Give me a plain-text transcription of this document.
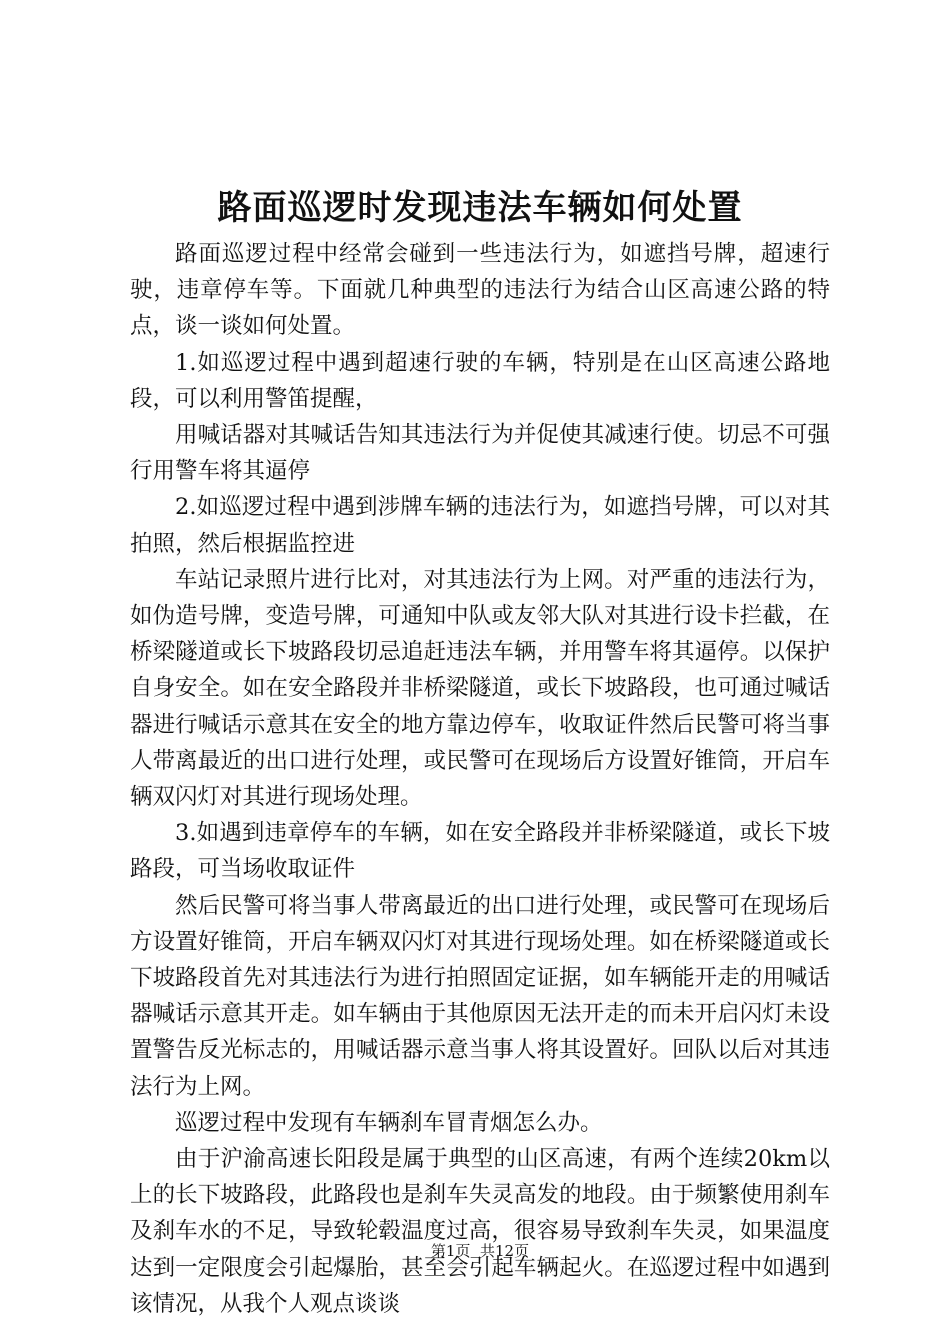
路面巡逻时发现违法车辆如何处置

路面巡逻过程中经常会碰到一些违法行为，如遮挡号牌，超速行驶，违章停车等。下面就几种典型的违法行为结合山区高速公路的特点，谈一谈如何处置。

1.如巡逻过程中遇到超速行驶的车辆，特别是在山区高速公路地段，可以利用警笛提醒，

用喊话器对其喊话告知其违法行为并促使其减速行使。切忌不可强行用警车将其逼停

2.如巡逻过程中遇到涉牌车辆的违法行为，如遮挡号牌，可以对其拍照，然后根据监控进

车站记录照片进行比对，对其违法行为上网。对严重的违法行为，如伪造号牌，变造号牌，可通知中队或友邻大队对其进行设卡拦截，在桥梁隧道或长下坡路段切忌追赶违法车辆，并用警车将其逼停。以保护自身安全。如在安全路段并非桥梁隧道，或长下坡路段，也可通过喊话器进行喊话示意其在安全的地方靠边停车，收取证件然后民警可将当事人带离最近的出口进行处理，或民警可在现场后方设置好锥筒，开启车辆双闪灯对其进行现场处理。

3.如遇到违章停车的车辆，如在安全路段并非桥梁隧道，或长下坡路段，可当场收取证件

然后民警可将当事人带离最近的出口进行处理，或民警可在现场后方设置好锥筒，开启车辆双闪灯对其进行现场处理。如在桥梁隧道或长下坡路段首先对其违法行为进行拍照固定证据，如车辆能开走的用喊话器喊话示意其开走。如车辆由于其他原因无法开走的而未开启闪灯未设置警告反光标志的，用喊话器示意当事人将其设置好。回队以后对其违法行为上网。

巡逻过程中发现有车辆刹车冒青烟怎么办。

由于沪渝高速长阳段是属于典型的山区高速，有两个连续20km以上的长下坡路段，此路段也是刹车失灵高发的地段。由于频繁使用刹车及刹车水的不足，导致轮毂温度过高，很容易导致刹车失灵，如果温度达到一定限度会引起爆胎，甚至会引起车辆起火。在巡逻过程中如遇到该情况，从我个人观点谈谈

第1页 共12页
